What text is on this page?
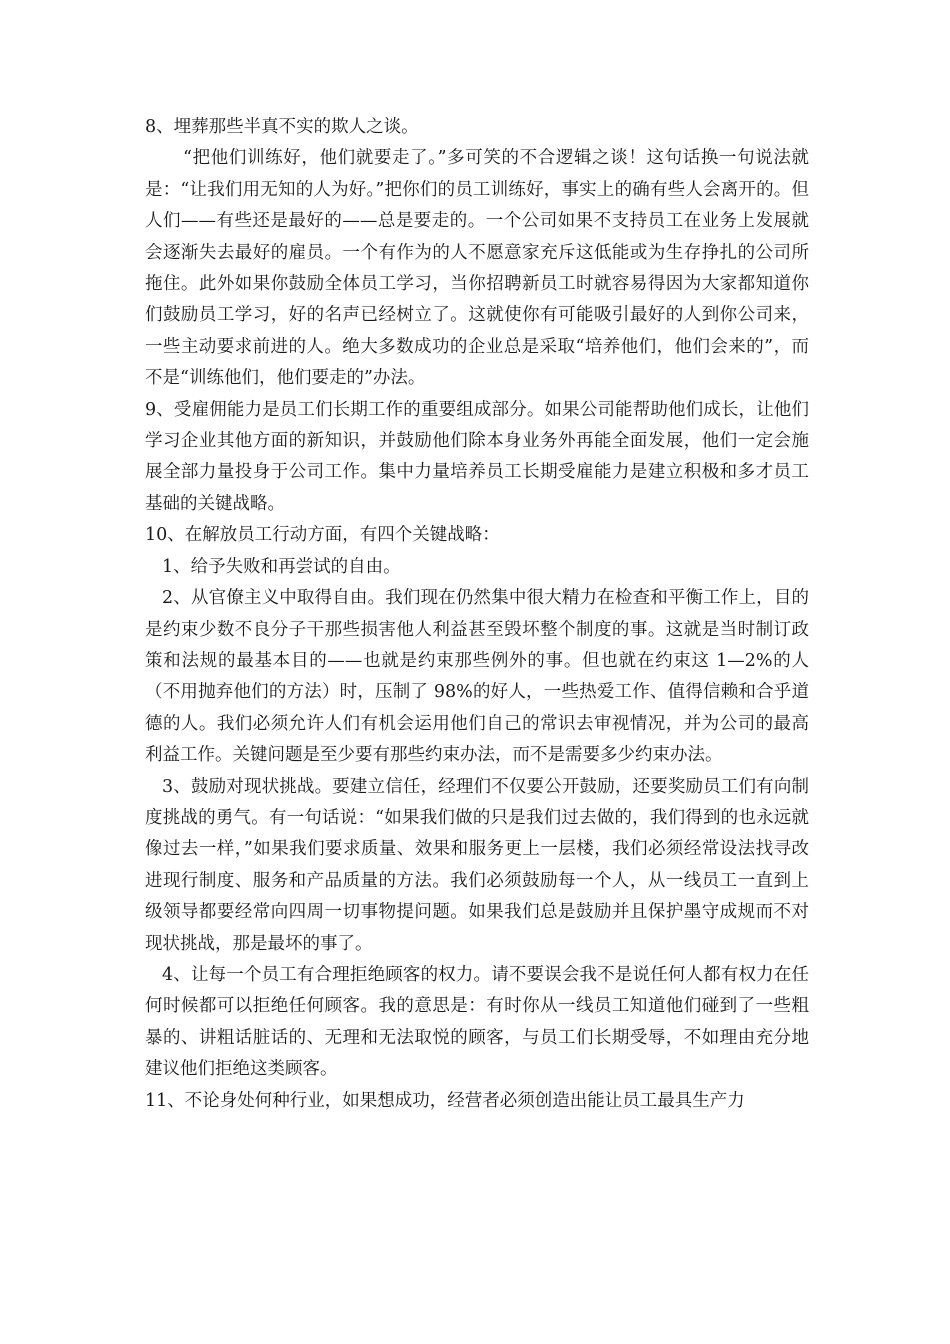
8、埋葬那些半真不实的欺人之谈。

“把他们训练好，他们就要走了。”多可笑的不合逻辑之谈！这句话换一句说法就是：“让我们用无知的人为好。”把你们的员工训练好，事实上的确有些人会离开的。但人们——有些还是最好的——总是要走的。一个公司如果不支持员工在业务上发展就会逐渐失去最好的雇员。一个有作为的人不愿意家充斥这低能或为生存挣扎的公司所拖住。此外如果你鼓励全体员工学习，当你招聘新员工时就容易得因为大家都知道你们鼓励员工学习，好的名声已经树立了。这就使你有可能吸引最好的人到你公司来，一些主动要求前进的人。绝大多数成功的企业总是采取“培养他们，他们会来的”，而不是“训练他们，他们要走的”办法。

9、受雇佣能力是员工们长期工作的重要组成部分。如果公司能帮助他们成长，让他们学习企业其他方面的新知识，并鼓励他们除本身业务外再能全面发展，他们一定会施展全部力量投身于公司工作。集中力量培养员工长期受雇能力是建立积极和多才员工基础的关键战略。

10、在解放员工行动方面，有四个关键战略：

1、给予失败和再尝试的自由。

2、从官僚主义中取得自由。我们现在仍然集中很大精力在检查和平衡工作上，目的是约束少数不良分子干那些损害他人利益甚至毁坏整个制度的事。这就是当时制订政策和法规的最基本目的——也就是约束那些例外的事。但也就在约束这 1—2%的人（不用抛弃他们的方法）时，压制了 98%的好人，一些热爱工作、值得信赖和合乎道德的人。我们必须允许人们有机会运用他们自己的常识去审视情况，并为公司的最高利益工作。关键问题是至少要有那些约束办法，而不是需要多少约束办法。

3、鼓励对现状挑战。要建立信任，经理们不仅要公开鼓励，还要奖励员工们有向制度挑战的勇气。有一句话说：“如果我们做的只是我们过去做的，我们得到的也永远就像过去一样，”如果我们要求质量、效果和服务更上一层楼，我们必须经常设法找寻改进现行制度、服务和产品质量的方法。我们必须鼓励每一个人，从一线员工一直到上级领导都要经常向四周一切事物提问题。如果我们总是鼓励并且保护墨守成规而不对现状挑战，那是最坏的事了。

4、让每一个员工有合理拒绝顾客的权力。请不要误会我不是说任何人都有权力在任何时候都可以拒绝任何顾客。我的意思是：有时你从一线员工知道他们碰到了一些粗暴的、讲粗话脏话的、无理和无法取悦的顾客，与员工们长期受辱，不如理由充分地建议他们拒绝这类顾客。

11、不论身处何种行业，如果想成功，经营者必须创造出能让员工最具生产力
